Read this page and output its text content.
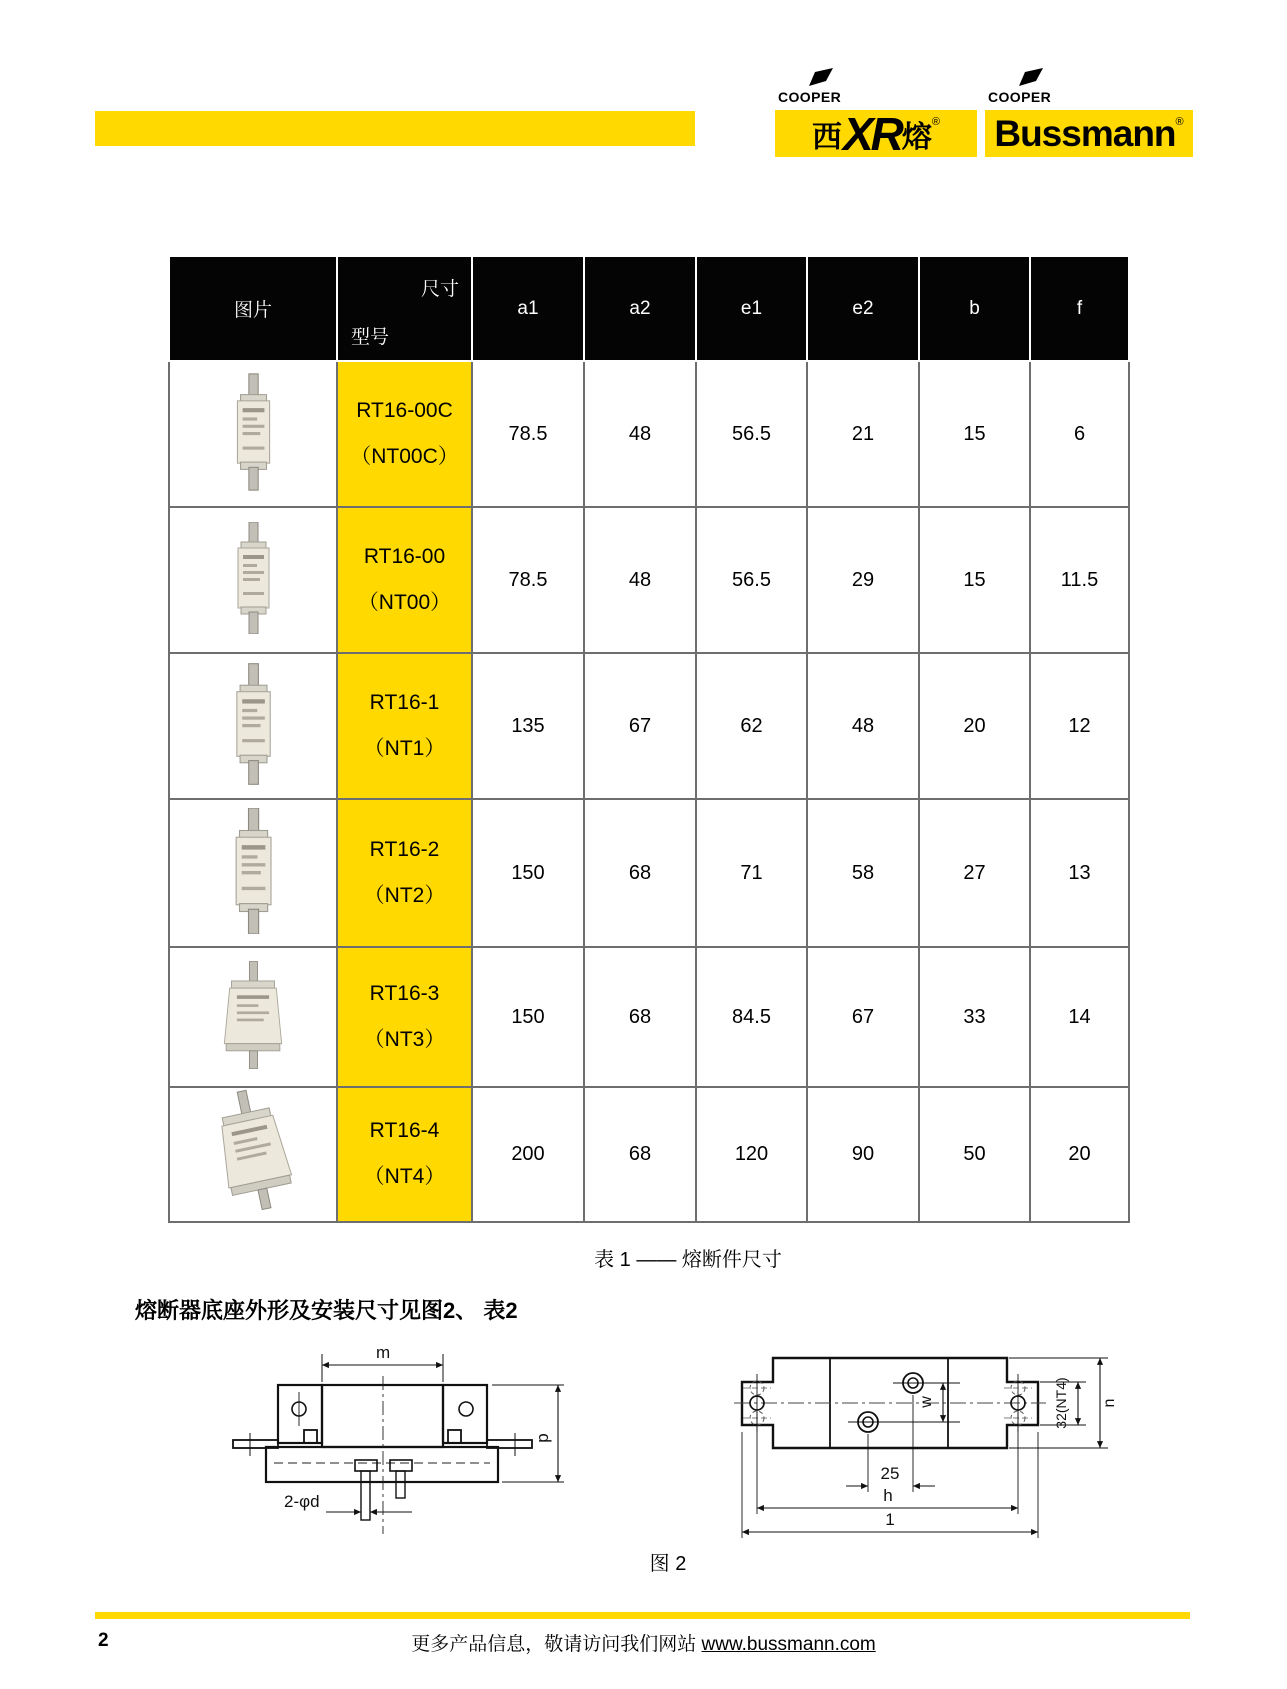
COOPER
西 XR 熔 ®
COOPER
Bussmann ®
图片	尺寸
型号	a1	a2	e1	e2	b	f

RT16-00C
（NT00C）	78.5	48	56.5	21	15	6

RT16-00
（NT00）	78.5	48	56.5	29	15	11.5

RT16-1
（NT1）	135	67	62	48	20	12

RT16-2
（NT2）	150	68	71	58	27	13

RT16-3
（NT3）	150	68	84.5	67	33	14

RT16-4
（NT4）	200	68	120	90	50	20
表 1 —— 熔断件尺寸
熔断器底座外形及安装尺寸见图2、 表2
m
2-φd
p
w	32(NT4) n
25
h
1
图 2
2	更多产品信息，敬请访问我们网站 www.bussmann.com
